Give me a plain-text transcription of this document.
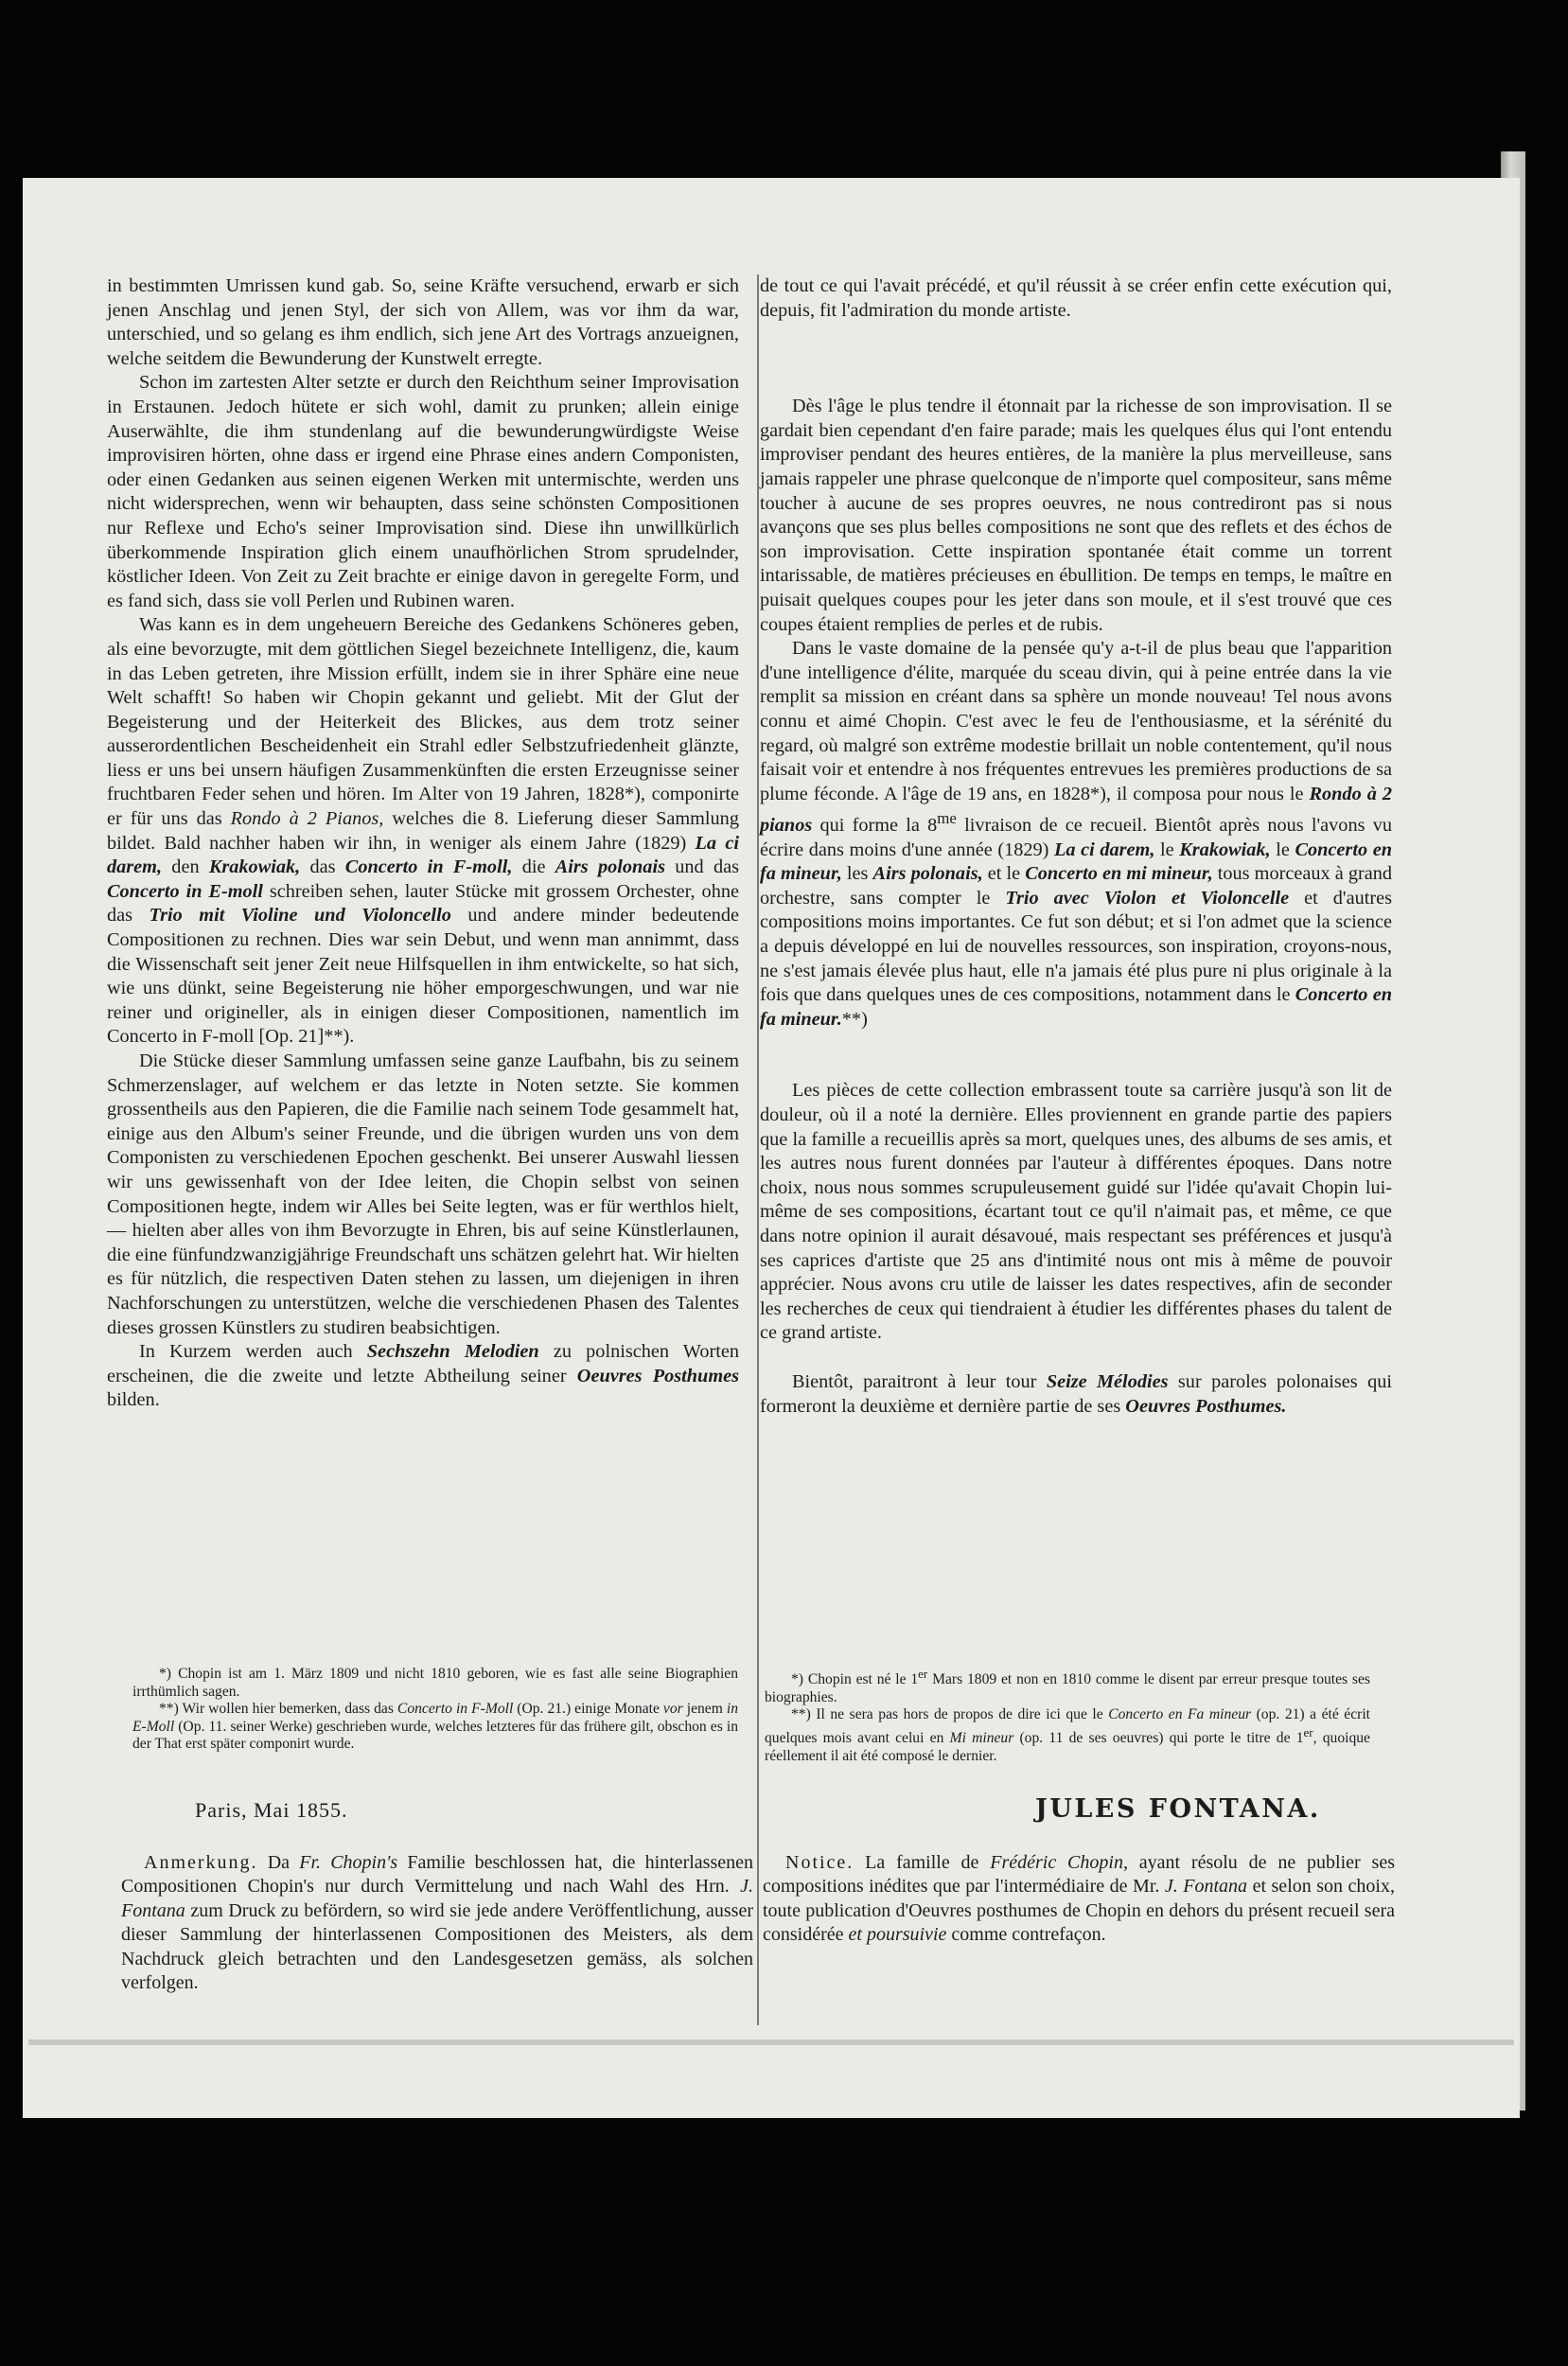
in bestimmten Umrissen kund gab. So, seine Kräfte versuchend, erwarb er sich jenen Anschlag und jenen Styl, der sich von Allem, was vor ihm da war, unterschied, und so gelang es ihm endlich, sich jene Art des Vortrags anzueignen, welche seitdem die Bewunderung der Kunstwelt erregte.

Schon im zartesten Alter setzte er durch den Reichthum seiner Improvisation in Erstaunen. Jedoch hütete er sich wohl, damit zu prunken; allein einige Auserwählte, die ihm stundenlang auf die bewunderungwürdigste Weise improvisiren hörten, ohne dass er irgend eine Phrase eines andern Componisten, oder einen Gedanken aus seinen eigenen Werken mit untermischte, werden uns nicht widersprechen, wenn wir behaupten, dass seine schönsten Compositionen nur Reflexe und Echo's seiner Improvisation sind. Diese ihn unwillkürlich überkommende Inspiration glich einem unaufhörlichen Strom sprudelnder, köstlicher Ideen. Von Zeit zu Zeit brachte er einige davon in geregelte Form, und es fand sich, dass sie voll Perlen und Rubinen waren.

Was kann es in dem ungeheuern Bereiche des Gedankens Schöneres geben, als eine bevorzugte, mit dem göttlichen Siegel bezeichnete Intelligenz, die, kaum in das Leben getreten, ihre Mission erfüllt, indem sie in ihrer Sphäre eine neue Welt schafft! So haben wir Chopin gekannt und geliebt. Mit der Glut der Begeisterung und der Heiterkeit des Blickes, aus dem trotz seiner ausserordentlichen Bescheidenheit ein Strahl edler Selbstzufriedenheit glänzte, liess er uns bei unsern häufigen Zusammenkünften die ersten Erzeugnisse seiner fruchtbaren Feder sehen und hören. Im Alter von 19 Jahren, 1828*), componirte er für uns das Rondo à 2 Pianos, welches die 8. Lieferung dieser Sammlung bildet. Bald nachher haben wir ihn, in weniger als einem Jahre (1829) La ci darem, den Krakowiak, das Concerto in F-moll, die Airs polonais und das Concerto in E-moll schreiben sehen, lauter Stücke mit grossem Orchester, ohne das Trio mit Violine und Violoncello und andere minder bedeutende Compositionen zu rechnen. Dies war sein Debut, und wenn man annimmt, dass die Wissenschaft seit jener Zeit neue Hilfsquellen in ihm entwickelte, so hat sich, wie uns dünkt, seine Begeisterung nie höher emporgeschwungen, und war nie reiner und origineller, als in einigen dieser Compositionen, namentlich im Concerto in F-moll [Op. 21]**).

Die Stücke dieser Sammlung umfassen seine ganze Laufbahn, bis zu seinem Schmerzenslager, auf welchem er das letzte in Noten setzte. Sie kommen grossentheils aus den Papieren, die die Familie nach seinem Tode gesammelt hat, einige aus den Album's seiner Freunde, und die übrigen wurden uns von dem Componisten zu verschiedenen Epochen geschenkt. Bei unserer Auswahl liessen wir uns gewissenhaft von der Idee leiten, die Chopin selbst von seinen Compositionen hegte, indem wir Alles bei Seite legten, was er für werthlos hielt, — hielten aber alles von ihm Bevorzugte in Ehren, bis auf seine Künstlerlaunen, die eine fünfundzwanzigjährige Freundschaft uns schätzen gelehrt hat. Wir hielten es für nützlich, die respectiven Daten stehen zu lassen, um diejenigen in ihren Nachforschungen zu unterstützen, welche die verschiedenen Phasen des Talentes dieses grossen Künstlers zu studiren beabsichtigen.

In Kurzem werden auch Sechszehn Melodien zu polnischen Worten erscheinen, die die zweite und letzte Abtheilung seiner Oeuvres Posthumes bilden.

de tout ce qui l'avait précédé, et qu'il réussit à se créer enfin cette exécution qui, depuis, fit l'admiration du monde artiste.

Dès l'âge le plus tendre il étonnait par la richesse de son improvisation. Il se gardait bien cependant d'en faire parade; mais les quelques élus qui l'ont entendu improviser pendant des heures entières, de la manière la plus merveilleuse, sans jamais rappeler une phrase quelconque de n'importe quel compositeur, sans même toucher à aucune de ses propres oeuvres, ne nous contrediront pas si nous avançons que ses plus belles compositions ne sont que des reflets et des échos de son improvisation. Cette inspiration spontanée était comme un torrent intarissable, de matières précieuses en ébullition. De temps en temps, le maître en puisait quelques coupes pour les jeter dans son moule, et il s'est trouvé que ces coupes étaient remplies de perles et de rubis.

Dans le vaste domaine de la pensée qu'y a-t-il de plus beau que l'apparition d'une intelligence d'élite, marquée du sceau divin, qui à peine entrée dans la vie remplit sa mission en créant dans sa sphère un monde nouveau! Tel nous avons connu et aimé Chopin. C'est avec le feu de l'enthousiasme, et la sérénité du regard, où malgré son extrême modestie brillait un noble contentement, qu'il nous faisait voir et entendre à nos fréquentes entrevues les premières productions de sa plume féconde. A l'âge de 19 ans, en 1828*), il composa pour nous le Rondo à 2 pianos qui forme la $8^{me}$ livraison de ce recueil. Bientôt après nous l'avons vu écrire dans moins d'une année (1829) La ci darem, le Krakowiak, le Concerto en fa mineur, les Airs polonais, et le Concerto en mi mineur, tous morceaux à grand orchestre, sans compter le Trio avec Violon et Violoncelle et d'autres compositions moins importantes. Ce fut son début; et si l'on admet que la science a depuis développé en lui de nouvelles ressources, son inspiration, croyons-nous, ne s'est jamais élevée plus haut, elle n'a jamais été plus pure ni plus originale à la fois que dans quelques unes de ces compositions, notamment dans le Concerto en fa mineur.**)

Les pièces de cette collection embrassent toute sa carrière jusqu'à son lit de douleur, où il a noté la dernière. Elles proviennent en grande partie des papiers que la famille a recueillis après sa mort, quelques unes, des albums de ses amis, et les autres nous furent données par l'auteur à différentes époques. Dans notre choix, nous nous sommes scrupuleusement guidé sur l'idée qu'avait Chopin lui-même de ses compositions, écartant tout ce qu'il n'aimait pas, et même, ce que dans notre opinion il aurait désavoué, mais respectant ses préférences et jusqu'à ses caprices d'artiste que 25 ans d'intimité nous ont mis à même de pouvoir apprécier. Nous avons cru utile de laisser les dates respectives, afin de seconder les recherches de ceux qui tiendraient à étudier les différentes phases du talent de ce grand artiste.

Bientôt, paraitront à leur tour Seize Mélodies sur paroles polonaises qui formeront la deuxième et dernière partie de ses Oeuvres Posthumes.

*) Chopin ist am 1. März 1809 und nicht 1810 geboren, wie es fast alle seine Biographien irrthümlich sagen.

**) Wir wollen hier bemerken, dass das Concerto in F-Moll (Op. 21.) einige Monate vor jenem in E-Moll (Op. 11. seiner Werke) geschrieben wurde, welches letzteres für das frühere gilt, obschon es in der That erst später componirt wurde.

*) Chopin est né le 1er Mars 1809 et non en 1810 comme le disent par erreur presque toutes ses biographies.

**) Il ne sera pas hors de propos de dire ici que le Concerto en Fa mineur (op. 21) a été écrit quelques mois avant celui en Mi mineur (op. 11 de ses oeuvres) qui porte le titre de 1er, quoique réellement il ait été composé le dernier.

Paris, Mai 1855.	JULES FONTANA.

Anmerkung. Da Fr. Chopin's Familie beschlossen hat, die hinterlassenen Compositionen Chopin's nur durch Vermittelung und nach Wahl des Hrn. J. Fontana zum Druck zu befördern, so wird sie jede andere Veröffentlichung, ausser dieser Sammlung der hinterlassenen Compositionen des Meisters, als dem Nachdruck gleich betrachten und den Landesgesetzen gemäss, als solchen verfolgen.

Notice. La famille de Frédéric Chopin, ayant résolu de ne publier ses compositions inédites que par l'intermédiaire de Mr. J. Fontana et selon son choix, toute publication d'Oeuvres posthumes de Chopin en dehors du présent recueil sera considérée et poursuivie comme contrefaçon.
